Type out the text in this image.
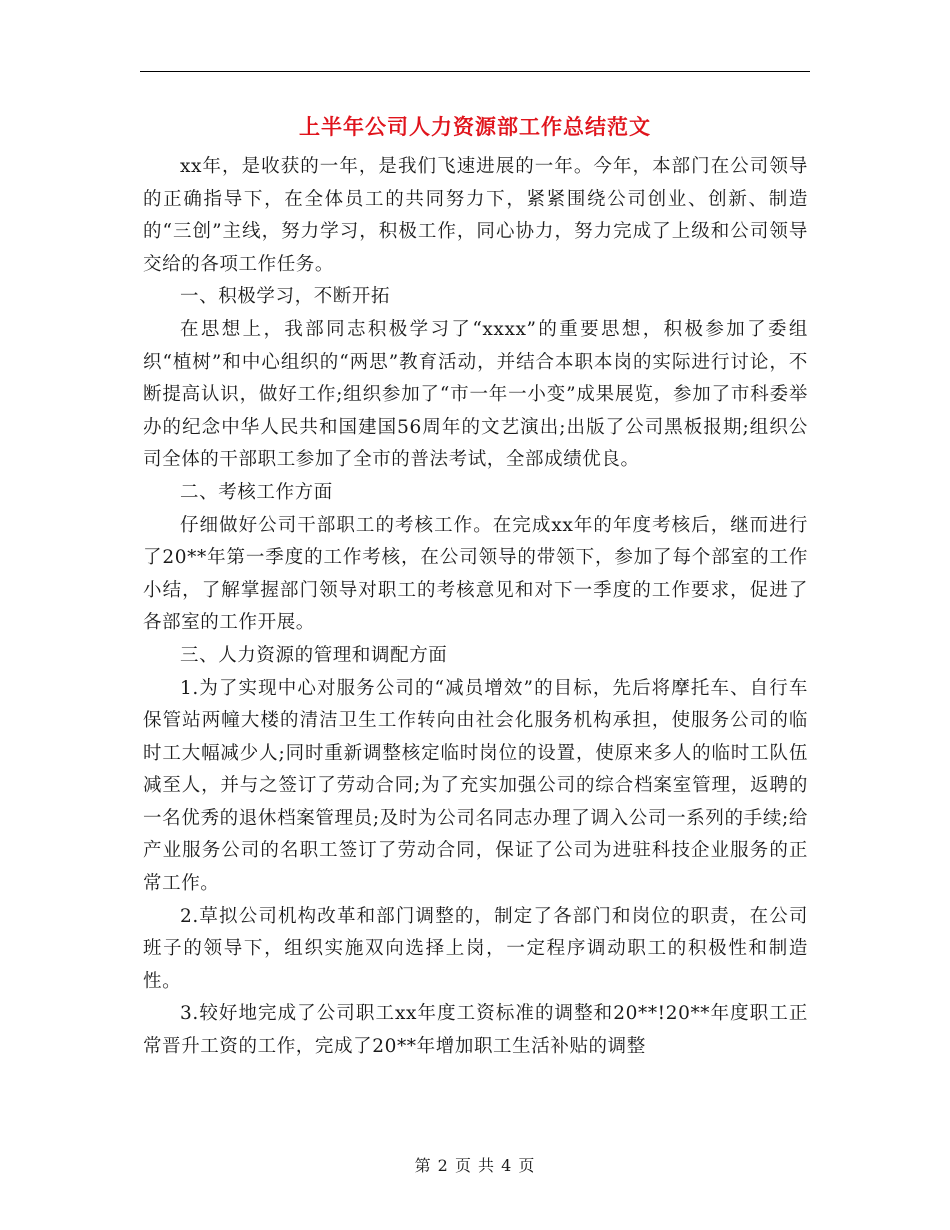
上半年公司人力资源部工作总结范文

xx年，是收获的一年，是我们飞速进展的一年。今年，本部门在公司领导的正确指导下，在全体员工的共同努力下，紧紧围绕公司创业、创新、制造的“三创”主线，努力学习，积极工作，同心协力，努力完成了上级和公司领导交给的各项工作任务。

一、积极学习，不断开拓

在思想上，我部同志积极学习了“xxxx”的重要思想，积极参加了委组织“植树”和中心组织的“两思”教育活动，并结合本职本岗的实际进行讨论，不断提高认识，做好工作;组织参加了“市一年一小变”成果展览，参加了市科委举办的纪念中华人民共和国建国56周年的文艺演出;出版了公司黑板报期;组织公司全体的干部职工参加了全市的普法考试，全部成绩优良。

二、考核工作方面

仔细做好公司干部职工的考核工作。在完成xx年的年度考核后，继而进行了20**年第一季度的工作考核，在公司领导的带领下，参加了每个部室的工作小结，了解掌握部门领导对职工的考核意见和对下一季度的工作要求，促进了各部室的工作开展。

三、人力资源的管理和调配方面

1.为了实现中心对服务公司的“减员增效”的目标，先后将摩托车、自行车保管站两幢大楼的清洁卫生工作转向由社会化服务机构承担，使服务公司的临时工大幅减少人;同时重新调整核定临时岗位的设置，使原来多人的临时工队伍减至人，并与之签订了劳动合同;为了充实加强公司的综合档案室管理，返聘的一名优秀的退休档案管理员;及时为公司名同志办理了调入公司一系列的手续;给产业服务公司的名职工签订了劳动合同，保证了公司为进驻科技企业服务的正常工作。

2.草拟公司机构改革和部门调整的，制定了各部门和岗位的职责，在公司班子的领导下，组织实施双向选择上岗，一定程序调动职工的积极性和制造性。

3.较好地完成了公司职工xx年度工资标准的调整和20**!20**年度职工正常晋升工资的工作，完成了20**年增加职工生活补贴的调整

第 2 页 共 4 页
